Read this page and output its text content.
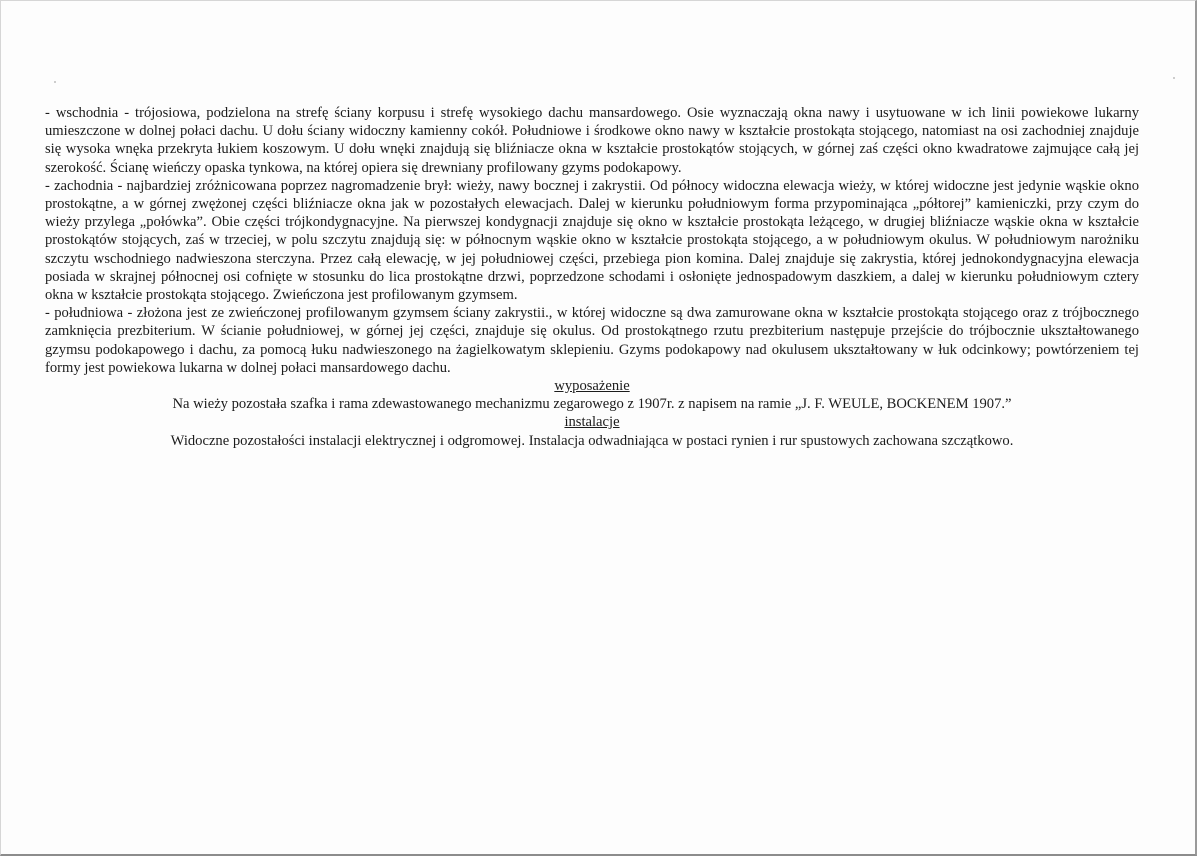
- wschodnia - trójosiowa, podzielona na strefę ściany korpusu i strefę wysokiego dachu mansardowego. Osie wyznaczają okna nawy i usytuowane w ich linii powiekowe lukarny umieszczone w dolnej połaci dachu. U dołu ściany widoczny kamienny cokół. Południowe i środkowe okno nawy w kształcie prostokąta stojącego, natomiast na osi zachodniej znajduje się wysoka wnęka przekryta łukiem koszowym. U dołu wnęki znajdują się bliźniacze okna w kształcie prostokątów stojących, w górnej zaś części okno kwadratowe zajmujące całą jej szerokość. Ścianę wieńczy opaska tynkowa, na której opiera się drewniany profilowany gzyms podokapowy.

- zachodnia - najbardziej zróżnicowana poprzez nagromadzenie brył: wieży, nawy bocznej i zakrystii. Od północy widoczna elewacja wieży, w której widoczne jest jedynie wąskie okno prostokątne, a w górnej zwężonej części bliźniacze okna jak w pozostałych elewacjach. Dalej w kierunku południowym forma przypominająca „półtorej” kamieniczki, przy czym do wieży przylega „połówka”. Obie części trójkondygnacyjne. Na pierwszej kondygnacji znajduje się okno w kształcie prostokąta leżącego, w drugiej bliźniacze wąskie okna w kształcie prostokątów stojących, zaś w trzeciej, w polu szczytu znajdują się: w północnym wąskie okno w kształcie prostokąta stojącego, a w południowym okulus. W południowym narożniku szczytu wschodniego nadwieszona sterczyna. Przez całą elewację, w jej południowej części, przebiega pion komina. Dalej znajduje się zakrystia, której jednokondygnacyjna elewacja posiada w skrajnej północnej osi cofnięte w stosunku do lica prostokątne drzwi, poprzedzone schodami i osłonięte jednospadowym daszkiem, a dalej w kierunku południowym cztery okna w kształcie prostokąta stojącego. Zwieńczona jest profilowanym gzymsem.

- południowa - złożona jest ze zwieńczonej profilowanym gzymsem ściany zakrystii., w której widoczne są dwa zamurowane okna w kształcie prostokąta stojącego oraz z trójbocznego zamknięcia prezbiterium. W ścianie południowej, w górnej jej części, znajduje się okulus. Od prostokątnego rzutu prezbiterium następuje przejście do trójbocznie ukształtowanego gzymsu podokapowego i dachu, za pomocą łuku nadwieszonego na żagielkowatym sklepieniu. Gzyms podokapowy nad okulusem ukształtowany w łuk odcinkowy; powtórzeniem tej formy jest powiekowa lukarna w dolnej połaci mansardowego dachu.

wyposażenie

Na wieży pozostała szafka i rama zdewastowanego mechanizmu zegarowego z 1907r. z napisem na ramie „J. F. WEULE, BOCKENEM 1907.”

instalacje

Widoczne pozostałości instalacji elektrycznej i odgromowej. Instalacja odwadniająca w postaci rynien i rur spustowych zachowana szczątkowo.
